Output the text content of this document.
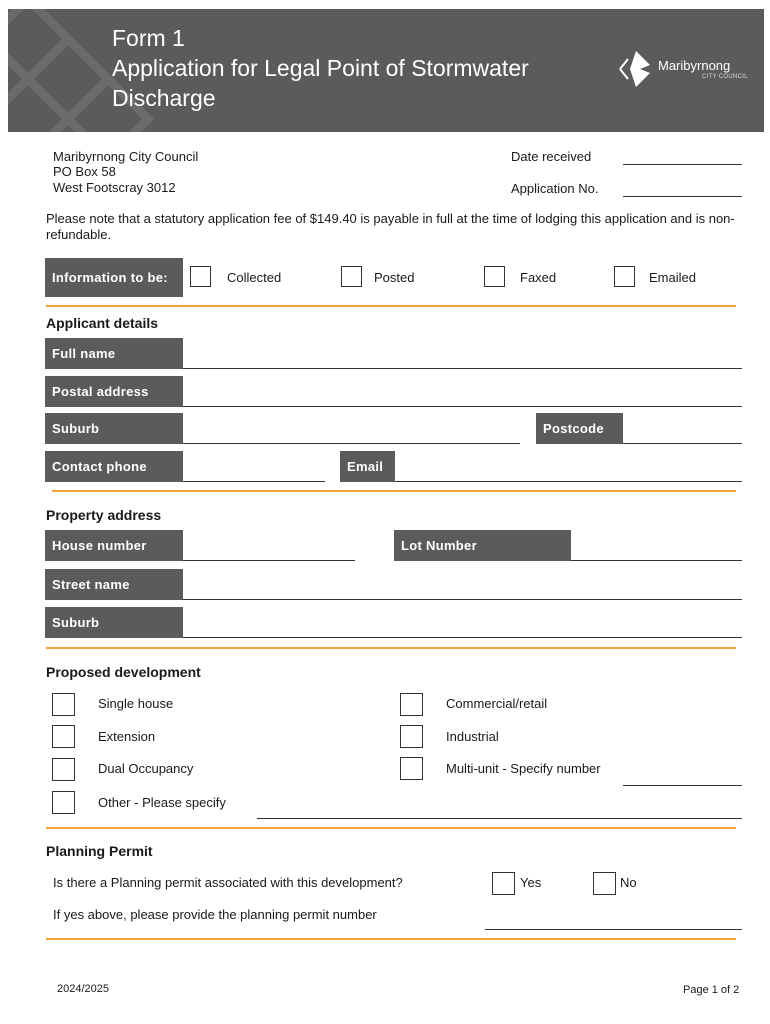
Form 1
Application for Legal Point of Stormwater
Discharge
Maribyrnong
CITY COUNCIL
Maribyrnong City Council
PO Box 58
West Footscray 3012
Date received
Application No.
Please note that a statutory application fee of $149.40 is payable in full at the time of lodging this application and is non-refundable.
Information to be:	Collected	Posted	Faxed	Emailed
Applicant details
Full name
Postal address
Suburb	Postcode
Contact phone	Email
Property address
House number	Lot Number
Street name
Suburb
Proposed development
Single house	Commercial/retail
Extension	Industrial
Dual Occupancy	Multi-unit - Specify number
Other - Please specify
Planning Permit
Is there a Planning permit associated with this development?	Yes	No
If yes above, please provide the planning permit number
2024/2025	Page 1 of 2
